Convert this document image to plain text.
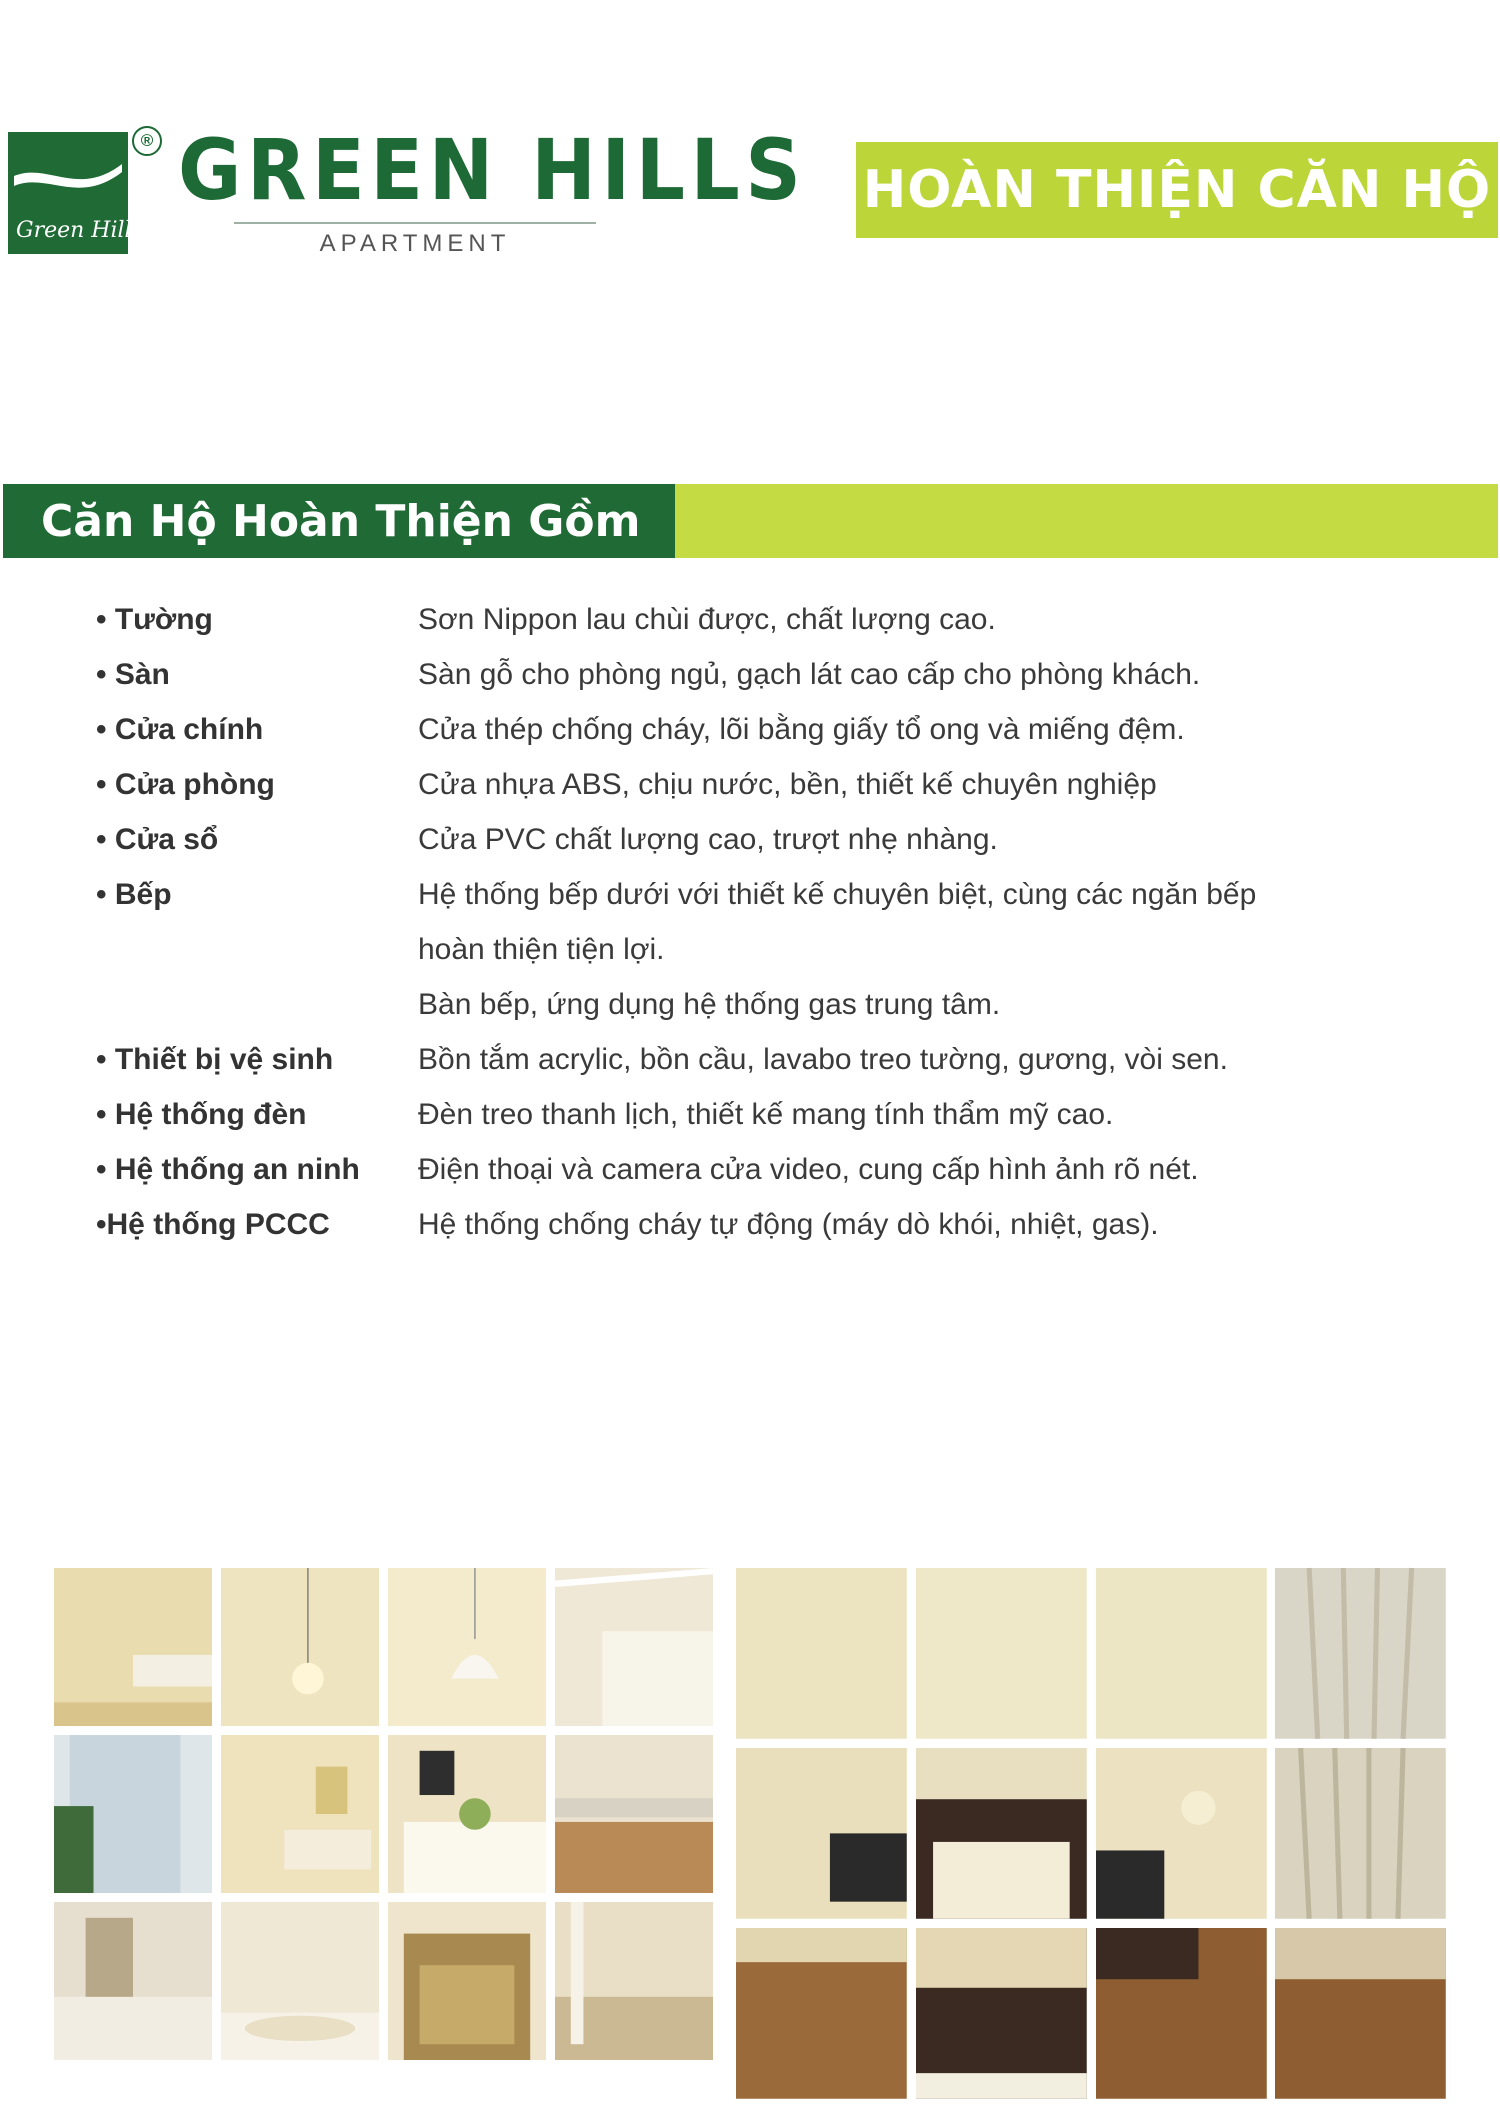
Green Hills
® GREEN HILLS
APARTMENT
HOÀN THIỆN CĂN HỘ
Căn Hộ Hoàn Thiện Gồm
• Tường	Sơn Nippon lau chùi được, chất lượng cao.
• Sàn	Sàn gỗ cho phòng ngủ, gạch lát cao cấp cho phòng khách.
• Cửa chính	Cửa thép chống cháy, lõi bằng giấy tổ ong và miếng đệm.
• Cửa phòng	Cửa nhựa ABS, chịu nước, bền, thiết kế chuyên nghiệp
• Cửa sổ	Cửa PVC chất lượng cao, trượt nhẹ nhàng.
• Bếp	Hệ thống bếp dưới với thiết kế chuyên biệt, cùng các ngăn bếp
hoàn thiện tiện lợi.
Bàn bếp, ứng dụng hệ thống gas trung tâm.
• Thiết bị vệ sinh	Bồn tắm acrylic, bồn cầu, lavabo treo tường, gương, vòi sen.
• Hệ thống đèn	Đèn treo thanh lịch, thiết kế mang tính thẩm mỹ cao.
• Hệ thống an ninh	Điện thoại và camera cửa video, cung cấp hình ảnh rõ nét.
•Hệ thống PCCC	Hệ thống chống cháy tự động (máy dò khói, nhiệt, gas).
